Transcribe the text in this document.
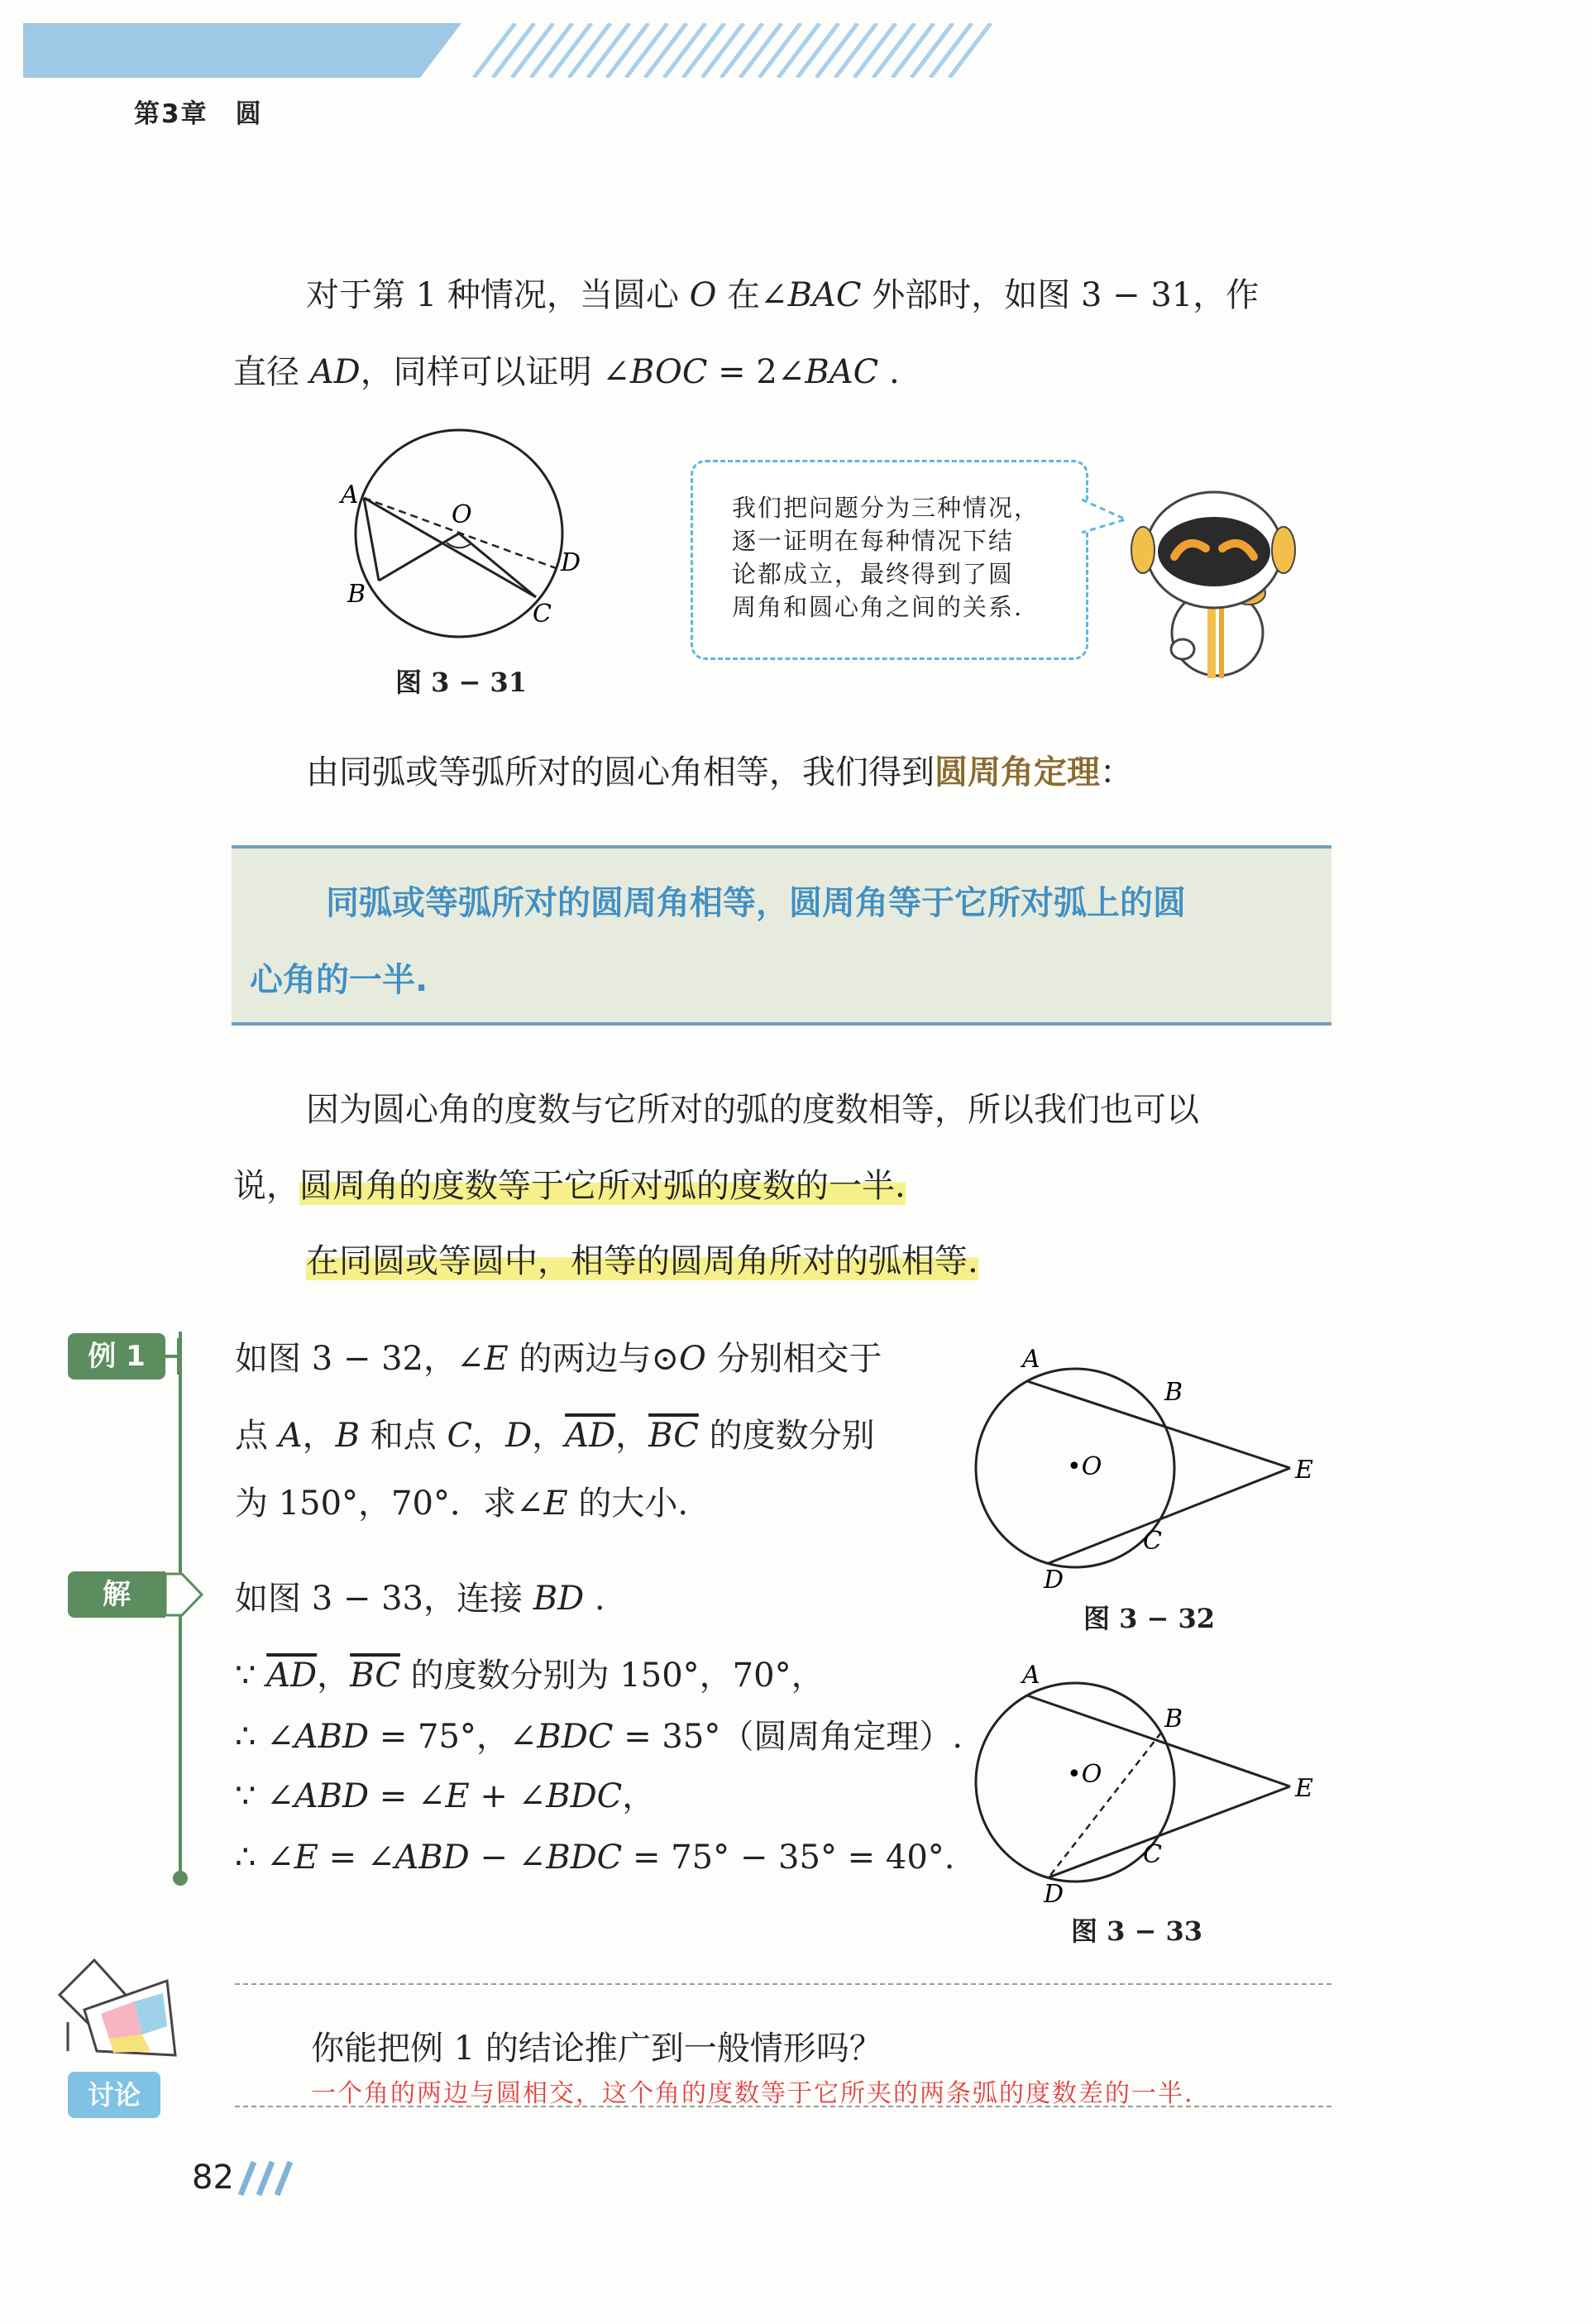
第3章　圆
对于第 1 种情况，当圆心 O 在∠BAC 外部时，如图 3 − 31，作
直径 AD，同样可以证明 ∠BOC = 2∠BAC .
A
B
C
D
O
图 3 − 31
我们把问题分为三种情况，
逐一证明在每种情况下结
论都成立，最终得到了圆
周角和圆心角之间的关系.
由同弧或等弧所对的圆心角相等，我们得到圆周角定理：
同弧或等弧所对的圆周角相等，圆周角等于它所对弧上的圆
心角的一半.
因为圆心角的度数与它所对的弧的度数相等，所以我们也可以
说，圆周角的度数等于它所对弧的度数的一半.
在同圆或等圆中，相等的圆周角所对的弧相等.
例 1	如图 3 − 32，∠E 的两边与⊙O 分别相交于
点 A，B 和点 C，D，$\overline{AD}$，$\overline{BC}$ 的度数分别
为 150°，70°．求∠E 的大小.
解	如图 3 − 33，连接 BD .
∵ $\overline{AD}$，$\overline{BC}$ 的度数分别为 150°，70°，
∴ ∠ABD = 75°，∠BDC = 35°（圆周角定理）.
∵ ∠ABD = ∠E + ∠BDC，
∴ ∠E = ∠ABD − ∠BDC = 75° − 35° = 40°.
A
B
C
D
E
•O
图 3 − 32
A
B
C
D
E
•O
图 3 − 33
讨论
你能把例 1 的结论推广到一般情形吗？
一个角的两边与圆相交，这个角的度数等于它所夹的两条弧的度数差的一半.
82
